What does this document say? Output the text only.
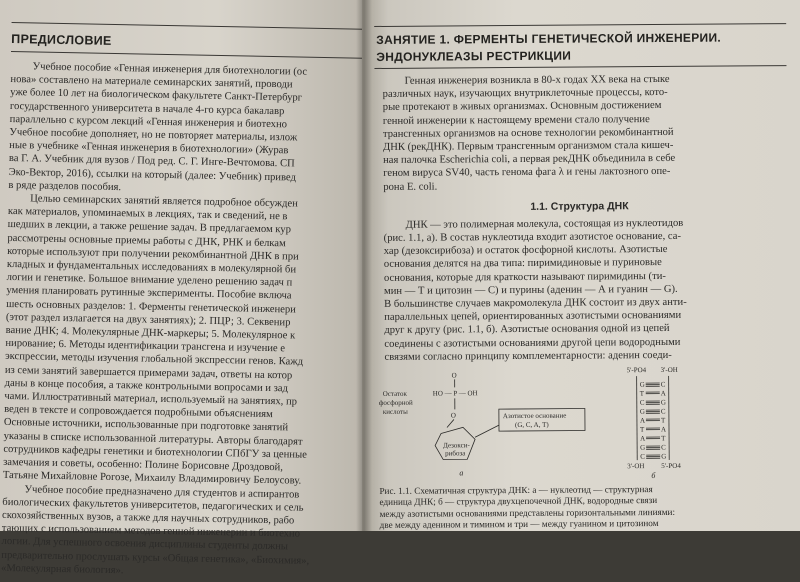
ПРЕДИСЛОВИЕ

Учебное пособие «Генная инженерия для биотехнологии (ос
нова» составлено на материале семинарских занятий, проводи
уже более 10 лет на биологическом факультете Санкт-Петербург
государственного университета в начале 4-го курса бакалавр
параллельно с курсом лекций «Генная инженерия и биотехно
Учебное пособие дополняет, но не повторяет материалы, излож
ные в учебнике «Генная инженерия в биотехнологии» (Журав
ва Г. А. Учебник для вузов / Под ред. С. Г. Инге-Вечтомова. СП
Эко-Вектор, 2016), ссылки на который (далее: Учебник) привед
в ряде разделов пособия.
Целью семинарских занятий является подробное обсужден
как материалов, упоминаемых в лекциях, так и сведений, не в
шедших в лекции, а также решение задач. В предлагаемом кур
рассмотрены основные приемы работы с ДНК, РНК и белкам
которые используют при получении рекомбинантной ДНК в при
кладных и фундаментальных исследованиях в молекулярной би
логии и генетике. Большое внимание уделено решению задач п
умения планировать рутинные эксперименты. Пособие включа
шесть основных разделов: 1. Ферменты генетической инженери
(этот раздел излагается на двух занятиях); 2. ПЦР; 3. Секвенир
вание ДНК; 4. Молекулярные ДНК-маркеры; 5. Молекулярное к
нирование; 6. Методы идентификации трансгена и изучение е
экспрессии, методы изучения глобальной экспрессии генов. Кажд
из семи занятий завершается примерами задач, ответы на котор
даны в конце пособия, а также контрольными вопросами и зад
чами. Иллюстративный материал, используемый на занятиях, пр
веден в тексте и сопровождается подробными объяснениям
Основные источники, использованные при подготовке занятий
указаны в списке использованной литературы. Авторы благодарят
сотрудников кафедры генетики и биотехнологии СПбГУ за ценные
замечания и советы, особенно: Полине Борисовне Дроздовой,
Татьяне Михайловне Рогозе, Михаилу Владимировичу Белоусову.
Учебное пособие предназначено для студентов и аспирантов
биологических факультетов университетов, педагогических и сель
скохозяйственных вузов, а также для научных сотрудников, рабо
тающих с использованием методов генной инженерии и биотехно
логии. Для успешного освоения дисциплины студенты должны
предварительно прослушать курсы «Общая генетика», «Биохимия»,
«Молекулярная биология».

ЗАНЯТИЕ 1. ФЕРМЕНТЫ ГЕНЕТИЧЕСКОЙ ИНЖЕНЕРИИ.
ЭНДОНУКЛЕАЗЫ РЕСТРИКЦИИ

Генная инженерия возникла в 80-х годах XX века на стыке
различных наук, изучающих внутриклеточные процессы, кото-
рые протекают в живых организмах. Основным достижением
генной инженерии к настоящему времени стало получение
трансгенных организмов на основе технологии рекомбинантной
ДНК (рекДНК). Первым трансгенным организмом стала кишеч-
ная палочка Escherichia coli, а первая рекДНК объединила в себе
геном вируса SV40, часть генома фага λ и гены лактозного опе-
рона E. coli.

1.1. Структура ДНК

ДНК — это полимерная молекула, состоящая из нуклеотидов
(рис. 1.1, а). В состав нуклеотида входит азотистое основание, са-
хар (дезоксирибоза) и остаток фосфорной кислоты. Азотистые
основания делятся на два типа: пиримидиновые и пуриновые
основания, которые для краткости называют пиримидины (ти-
мин — Т и цитозин — С) и пурины (аденин — А и гуанин — G).
В большинстве случаев макромолекула ДНК состоит из двух анти-
параллельных цепей, ориентированных азотистыми основаниями
друг к другу (рис. 1.1, б). Азотистые основания одной из цепей
соединены с азотистыми основаниями другой цепи водородными
связями согласно принципу комплементарности: аденин соеди-

Остаток
фосфорной
кислоты
HO — P — OH
O
O
Дезокси-
рибоза
Азотистое основание
(G, C, A, T)
а
5'-PO4 3'-OH
3'-OH 5'-PO4
б
G C
T A
C G
G C
A T
T A
A T
G C
C G

Рис. 1.1. Схематичная структура ДНК: а — нуклеотид — структурная
единица ДНК; б — структура двухцепочечной ДНК, водородные связи
между азотистыми основаниями представлены горизонтальными линиями:
две между аденином и тимином и три — между гуанином и цитозином
